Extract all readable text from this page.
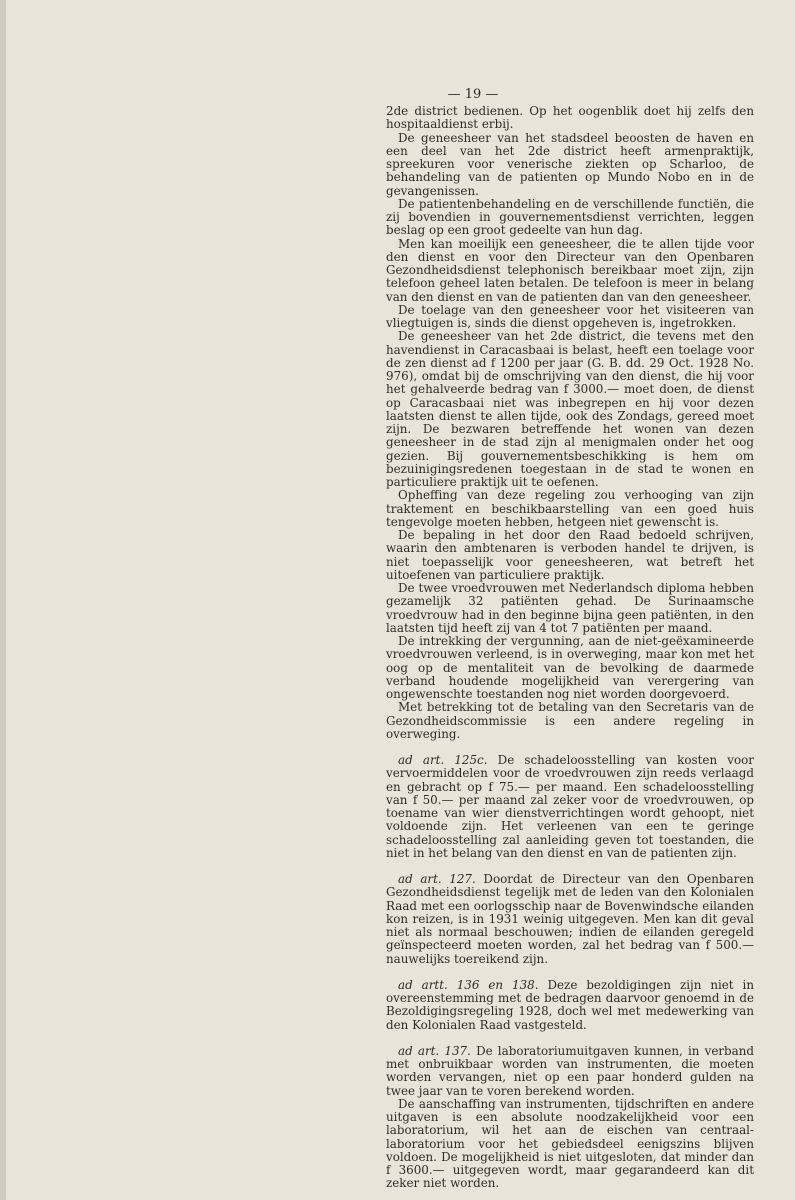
— 19 —

2de district bedienen. Op het oogenblik doet hij zelfs den hospitaaldienst erbij.

De geneesheer van het stadsdeel beoosten de haven en een deel van het 2de district heeft armenpraktijk, spreekuren voor venerische ziekten op Scharloo, de behandeling van de patienten op Mundo Nobo en in de gevangenissen.

De patientenbehandeling en de verschillende functiën, die zij bovendien in gouvernementsdienst verrichten, leggen beslag op een groot gedeelte van hun dag.

Men kan moeilijk een geneesheer, die te allen tijde voor den dienst en voor den Directeur van den Openbaren Gezondheidsdienst telephonisch bereikbaar moet zijn, zijn telefoon geheel laten betalen. De telefoon is meer in belang van den dienst en van de patienten dan van den geneesheer.

De toelage van den geneesheer voor het visiteeren van vliegtuigen is, sinds die dienst opgeheven is, ingetrokken.

De geneesheer van het 2de district, die tevens met den havendienst in Caracasbaai is belast, heeft een toelage voor de zen dienst ad f 1200 per jaar (G. B. dd. 29 Oct. 1928 No. 976), omdat bij de omschrijving van den dienst, die hij voor het gehalveerde bedrag van f 3000.— moet doen, de dienst op Caracasbaai niet was inbegrepen en hij voor dezen laatsten dienst te allen tijde, ook des Zondags, gereed moet zijn. De bezwaren betreffende het wonen van dezen geneesheer in de stad zijn al menigmalen onder het oog gezien. Bij gouvernementsbeschikking is hem om bezuinigingsredenen toegestaan in de stad te wonen en particuliere praktijk uit te oefenen.

Opheffing van deze regeling zou verhooging van zijn traktement en beschikbaarstelling van een goed huis tengevolge moeten hebben, hetgeen niet gewenscht is.

De bepaling in het door den Raad bedoeld schrijven, waarin den ambtenaren is verboden handel te drijven, is niet toepasselijk voor geneesheeren, wat betreft het uitoefenen van particuliere praktijk.

De twee vroedvrouwen met Nederlandsch diploma hebben gezamelijk 32 patiënten gehad. De Surinaamsche vroedvrouw had in den beginne bijna geen patiënten, in den laatsten tijd heeft zij van 4 tot 7 patiënten per maand.

De intrekking der vergunning, aan de niet-geëxamineerde vroedvrouwen verleend, is in overweging, maar kon met het oog op de mentaliteit van de bevolking de daarmede verband houdende mogelijkheid van verergering van ongewenschte toestanden nog niet worden doorgevoerd.

Met betrekking tot de betaling van den Secretaris van de Gezondheidscommissie is een andere regeling in overweging.

ad art. 125c. De schadeloosstelling van kosten voor vervoermiddelen voor de vroedvrouwen zijn reeds verlaagd en gebracht op f 75.— per maand. Een schadeloosstelling van f 50.— per maand zal zeker voor de vroedvrouwen, op toename van wier dienstverrichtingen wordt gehoopt, niet voldoende zijn. Het verleenen van een te geringe schadeloosstelling zal aanleiding geven tot toestanden, die niet in het belang van den dienst en van de patienten zijn.

ad art. 127. Doordat de Directeur van den Openbaren Gezondheidsdienst tegelijk met de leden van den Kolonialen Raad met een oorlogsschip naar de Bovenwindsche eilanden kon reizen, is in 1931 weinig uitgegeven. Men kan dit geval niet als normaal beschouwen; indien de eilanden geregeld geïnspecteerd moeten worden, zal het bedrag van f 500.— nauwelijks toereikend zijn.

ad artt. 136 en 138. Deze bezoldigingen zijn niet in overeenstemming met de bedragen daarvoor genoemd in de Bezoldigingsregeling 1928, doch wel met medewerking van den Kolonialen Raad vastgesteld.

ad art. 137. De laboratoriumuitgaven kunnen, in verband met onbruikbaar worden van instrumenten, die moeten worden vervangen, niet op een paar honderd gulden na twee jaar van te voren berekend worden.

De aanschaffing van instrumenten, tijdschriften en andere uitgaven is een absolute noodzakelijkheid voor een laboratorium, wil het aan de eischen van centraal-laboratorium voor het gebiedsdeel eenigszins blijven voldoen. De mogelijkheid is niet uitgesloten, dat minder dan f 3600.— uitgegeven wordt, maar gegarandeerd kan dit zeker niet worden.
